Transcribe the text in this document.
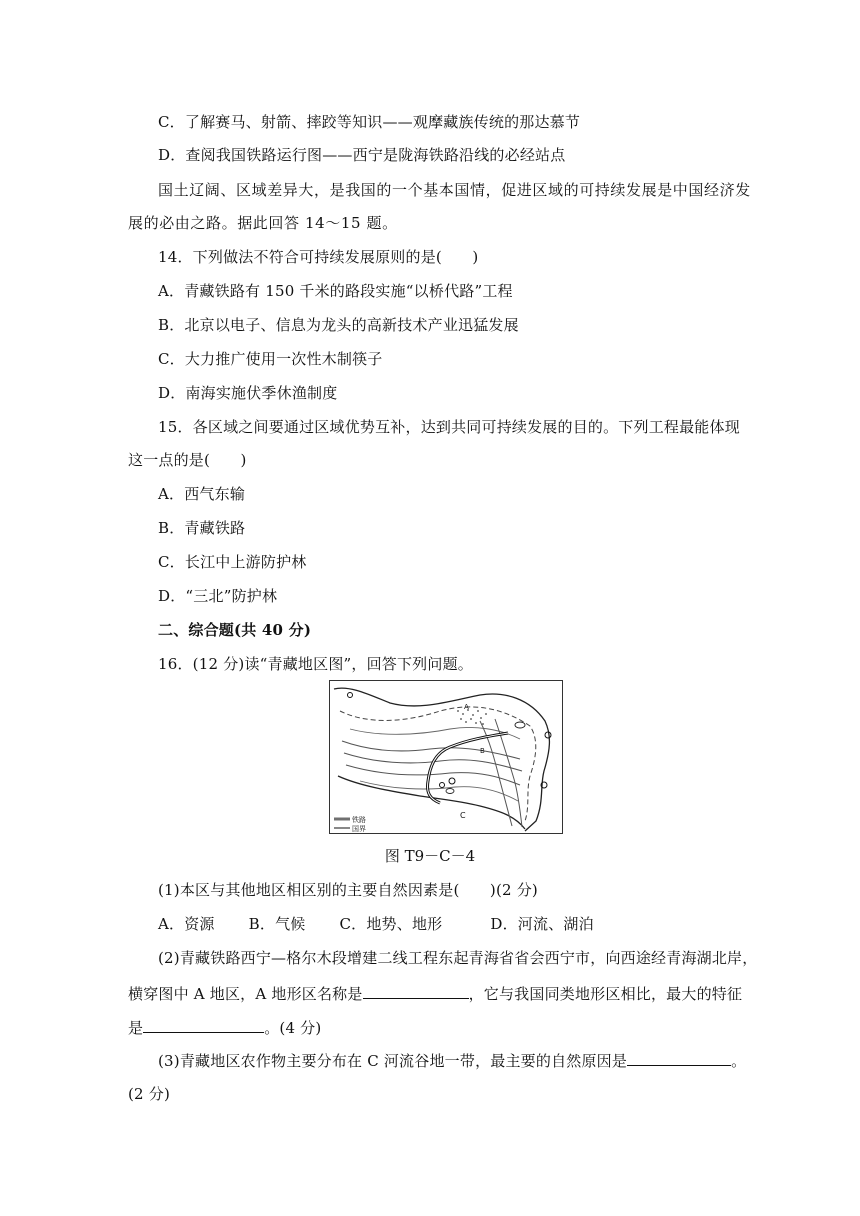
C．了解赛马、射箭、摔跤等知识——观摩藏族传统的那达慕节
D．查阅我国铁路运行图——西宁是陇海铁路沿线的必经站点
国土辽阔、区域差异大，是我国的一个基本国情，促进区域的可持续发展是中国经济发
展的必由之路。据此回答 14～15 题。
14．下列做法不符合可持续发展原则的是(　　)
A．青藏铁路有 150 千米的路段实施“以桥代路”工程
B．北京以电子、信息为龙头的高新技术产业迅猛发展
C．大力推广使用一次性木制筷子
D．南海实施伏季休渔制度
15．各区域之间要通过区域优势互补，达到共同可持续发展的目的。下列工程最能体现
这一点的是(　　)
A．西气东输
B．青藏铁路
C．长江中上游防护林
D．“三北”防护林
二、综合题(共 40 分)
16．(12 分)读“青藏地区图”，回答下列问题。
A
B
C
铁路
国界
图 T9－C－4
(1)本区与其他地区相区别的主要自然因素是(　　)(2 分)
A．资源 B．气候 C．地势、地形	D．河流、湖泊
(2)青藏铁路西宁—格尔木段增建二线工程东起青海省省会西宁市，向西途经青海湖北岸，
横穿图中 A 地区，A 地形区名称是	，它与我国同类地形区相比，最大的特征
是	。(4 分)
(3)青藏地区农作物主要分布在 C 河流谷地一带，最主要的自然原因是	。
(2 分)
